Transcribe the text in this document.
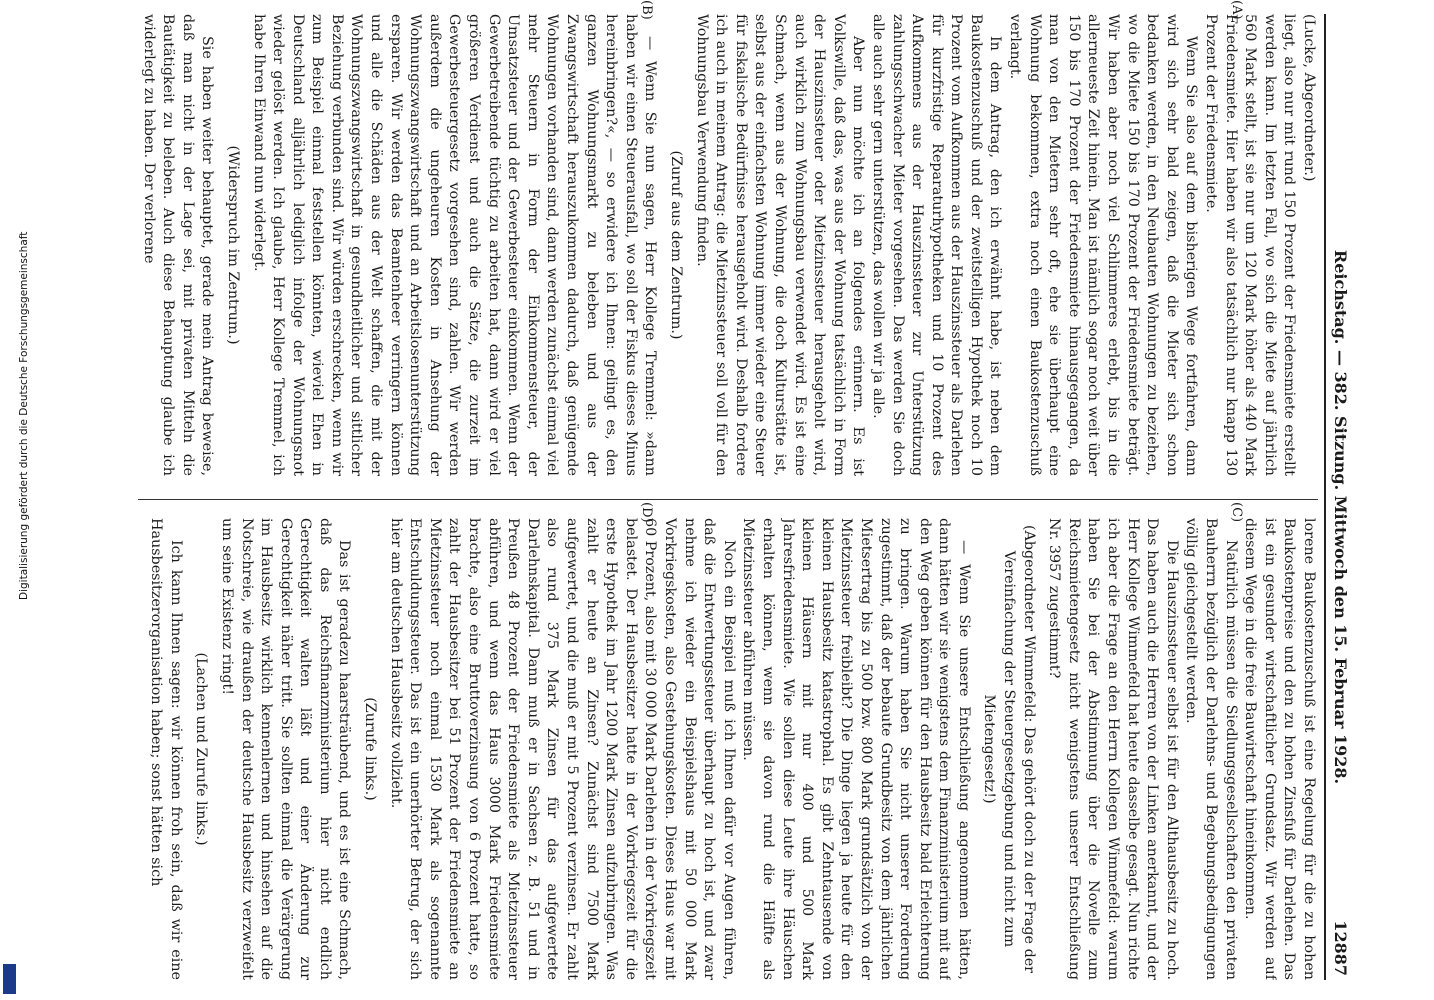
Reichstag. — 382. Sitzung. Mittwoch den 15. Februar 1928.
12887

(Lucke, Abgeordneter.)

liegt, also nur mit rund 150 Prozent der Friedensmiete erstellt werden kann. Im letzten Fall, wo sich die Miete auf jährlich 560 Mark stellt, ist sie nur um 120 Mark höher als 440 Mark Friedensmiete. Hier haben wir also tatsächlich nur knapp 130 Prozent der Friedensmiete.

Wenn Sie also auf dem bisherigen Wege fortfahren, dann wird sich sehr bald zeigen, daß die Mieter sich schon bedanken werden, in den Neubauten Wohnungen zu beziehen, wo die Miete 150 bis 170 Prozent der Friedensmiete beträgt. Wir haben aber noch viel Schlimmeres erlebt, bis in die allerneueste Zeit hinein. Man ist nämlich sogar noch weit über 150 bis 170 Prozent der Friedensmiete hinausgegangen, da man von den Mietern sehr oft, ehe sie überhaupt eine Wohnung bekommen, extra noch einen Baukostenzuschuß verlangt.

In dem Antrag, den ich erwähnt habe, ist neben dem Baukostenzuschuß und der zweitstelligen Hypothek noch 10 Prozent vom Aufkommen aus der Hauszinssteuer als Darlehen für kurzfristige Reparaturhypotheken und 10 Prozent des Aufkommens aus der Hauszinssteuer zur Unterstützung zahlungsschwacher Mieter vorgesehen. Das werden Sie doch alle auch sehr gern unterstützen, das wollen wir ja alle.

Aber nun möchte ich an folgendes erinnern. Es ist Volkswille, daß das, was aus der Wohnung tatsächlich in Form der Hauszinssteuer oder Mietzinssteuer herausgeholt wird, auch wirklich zum Wohnungsbau verwendet wird. Es ist eine Schmach, wenn aus der Wohnung, die doch Kulturstätte ist, selbst aus der einfachsten Wohnung immer wieder eine Steuer für fiskalische Bedürfnisse herausgeholt wird. Deshalb fordere ich auch in meinem Antrag: die Mietzinssteuer soll voll für den Wohnungsbau Verwendung finden.

(Zuruf aus dem Zentrum.)

— Wenn Sie nun sagen, Herr Kollege Tremmel: »dann haben wir einen Steuerausfall, wo soll der Fiskus dieses Minus hereinbringen?«, — so erwidere ich Ihnen: gelingt es, den ganzen Wohnungsmarkt zu beleben und aus der Zwangswirtschaft herauszukommen dadurch, daß genügende Wohnungen vorhanden sind, dann werden zunächst einmal viel mehr Steuern in Form der Einkommensteuer, der Umsatzsteuer und der Gewerbesteuer einkommen. Wenn der Gewerbetreibende tüchtig zu arbeiten hat, dann wird er viel größeren Verdienst und auch die Sätze, die zurzeit im Gewerbesteuergesetz vorgesehen sind, zahlen. Wir werden außerdem die ungeheuren Kosten in Ansehung der Wohnungszwangswirtschaft und an Arbeitslosenunterstützung ersparen. Wir werden das Beamtenheer verringern können und alle die Schäden aus der Welt schaffen, die mit der Wohnungszwangswirtschaft in gesundheitlicher und sittlicher Beziehung verbunden sind. Wir würden erschrecken, wenn wir zum Beispiel einmal feststellen könnten, wieviel Ehen in Deutschland alljährlich lediglich infolge der Wohnungsnot wieder gelöst werden. Ich glaube, Herr Kollege Tremmel, ich habe Ihren Einwand nun widerlegt.

(Widerspruch im Zentrum.)

Sie haben weiter behauptet, gerade mein Antrag beweise, daß man nicht in der Lage sei, mit privaten Mitteln die Bautätigkeit zu beleben. Auch diese Behauptung glaube ich widerlegt zu haben. Der verlorene

lorene Baukostenzuschuß ist eine Regelung für die zu hohen Baukostenpreise und den zu hohen Zinsfuß für Darlehen. Das ist ein gesunder wirtschaftlicher Grundsatz. Wir werden auf diesem Wege in die freie Bauwirtschaft hineinkommen.

Natürlich müssen die Siedlungsgesellschaften den privaten Bauherrn bezüglich der Darlehns- und Begebungsbedingungen völlig gleichgestellt werden.

Die Hauszinssteuer selbst ist für den Althausbesitz zu hoch. Das haben auch die Herren von der Linken anerkannt, und der Herr Kollege Wimmefeld hat heute dasselbe gesagt. Nun richte ich aber die Frage an den Herrn Kollegen Wimmefeld: warum haben Sie bei der Abstimmung über die Novelle zum Reichsmietengesetz nicht wenigstens unserer Entschließung Nr. 3957 zugestimmt?

(Abgeordneter Wimmefeld: Das gehört doch zu der Frage der Vereinfachung der Steuergesetzgebung und nicht zum Mietengesetz!)

— Wenn Sie unsere Entschließung angenommen hätten, dann hätten wir sie wenigstens dem Finanzministerium mit auf den Weg geben können für den Hausbesitz bald Erleichterung zu bringen. Warum haben Sie nicht unserer Forderung zugestimmt, daß der bebaute Grundbesitz von dem jährlichen Mietsertrag bis zu 500 bzw. 800 Mark grundsätzlich von der Mietzinssteuer freibleibt? Die Dinge liegen ja heute für den kleinen Hausbesitz katastrophal. Es gibt Zehntausende von kleinen Häusern mit nur 400 und 500 Mark Jahresfriedensmiete. Wie sollen diese Leute ihre Häuschen erhalten können, wenn sie davon rund die Hälfte als Mietzinssteuer abführen müssen.

Noch ein Beispiel muß ich Ihnen dafür vor Augen führen, daß die Entwertungssteuer überhaupt zu hoch ist, und zwar nehme ich wieder ein Beispielshaus mit 50 000 Mark Vorkriegskosten, also Gestehungskosten. Dieses Haus war mit 60 Prozent, also mit 30 000 Mark Darlehen in der Vorkriegszeit belastet. Der Hausbesitzer hatte in der Vorkriegszeit für die erste Hypothek im Jahr 1200 Mark Zinsen aufzubringen. Was zahlt er heute an Zinsen? Zunächst sind 7500 Mark aufgewertet, und die muß er mit 5 Prozent verzinsen. Er zahlt also rund 375 Mark Zinsen für das aufgewertete Darlehnskapital. Dann muß er in Sachsen z. B. 51 und in Preußen 48 Prozent der Friedensmiete als Mietzinssteuer abführen, und wenn das Haus 3000 Mark Friedensmiete brachte, also eine Bruttoverzinsung von 6 Prozent hatte, so zahlt der Hausbesitzer bei 51 Prozent der Friedensmiete an Mietzinssteuer noch einmal 1530 Mark als sogenannte Entschuldungssteuer. Das ist ein unerhörter Betrug, der sich hier am deutschen Hausbesitz vollzieht.

(Zurufe links.)

Das ist geradezu haarsträubend, und es ist eine Schmach, daß das Reichsfinanzministerium hier nicht endlich Gerechtigkeit walten läßt und einer Änderung zur Gerechtigkeit näher tritt. Sie sollten einmal die Verärgerung im Hausbesitz wirklich kennenlernen und hinsehen auf die Notschreie, wie draußen der deutsche Hausbesitz verzweifelt um seine Existenz ringt!

(Lachen und Zurufe links.)

Ich kann Ihnen sagen: wir können froh sein, daß wir eine Hausbesitzerorganisation haben; sonst hätten sich

(A)
(B)
(C)
(D)
Digitalisierung gefördert durch die Deutsche Forschungsgemeinschaft
